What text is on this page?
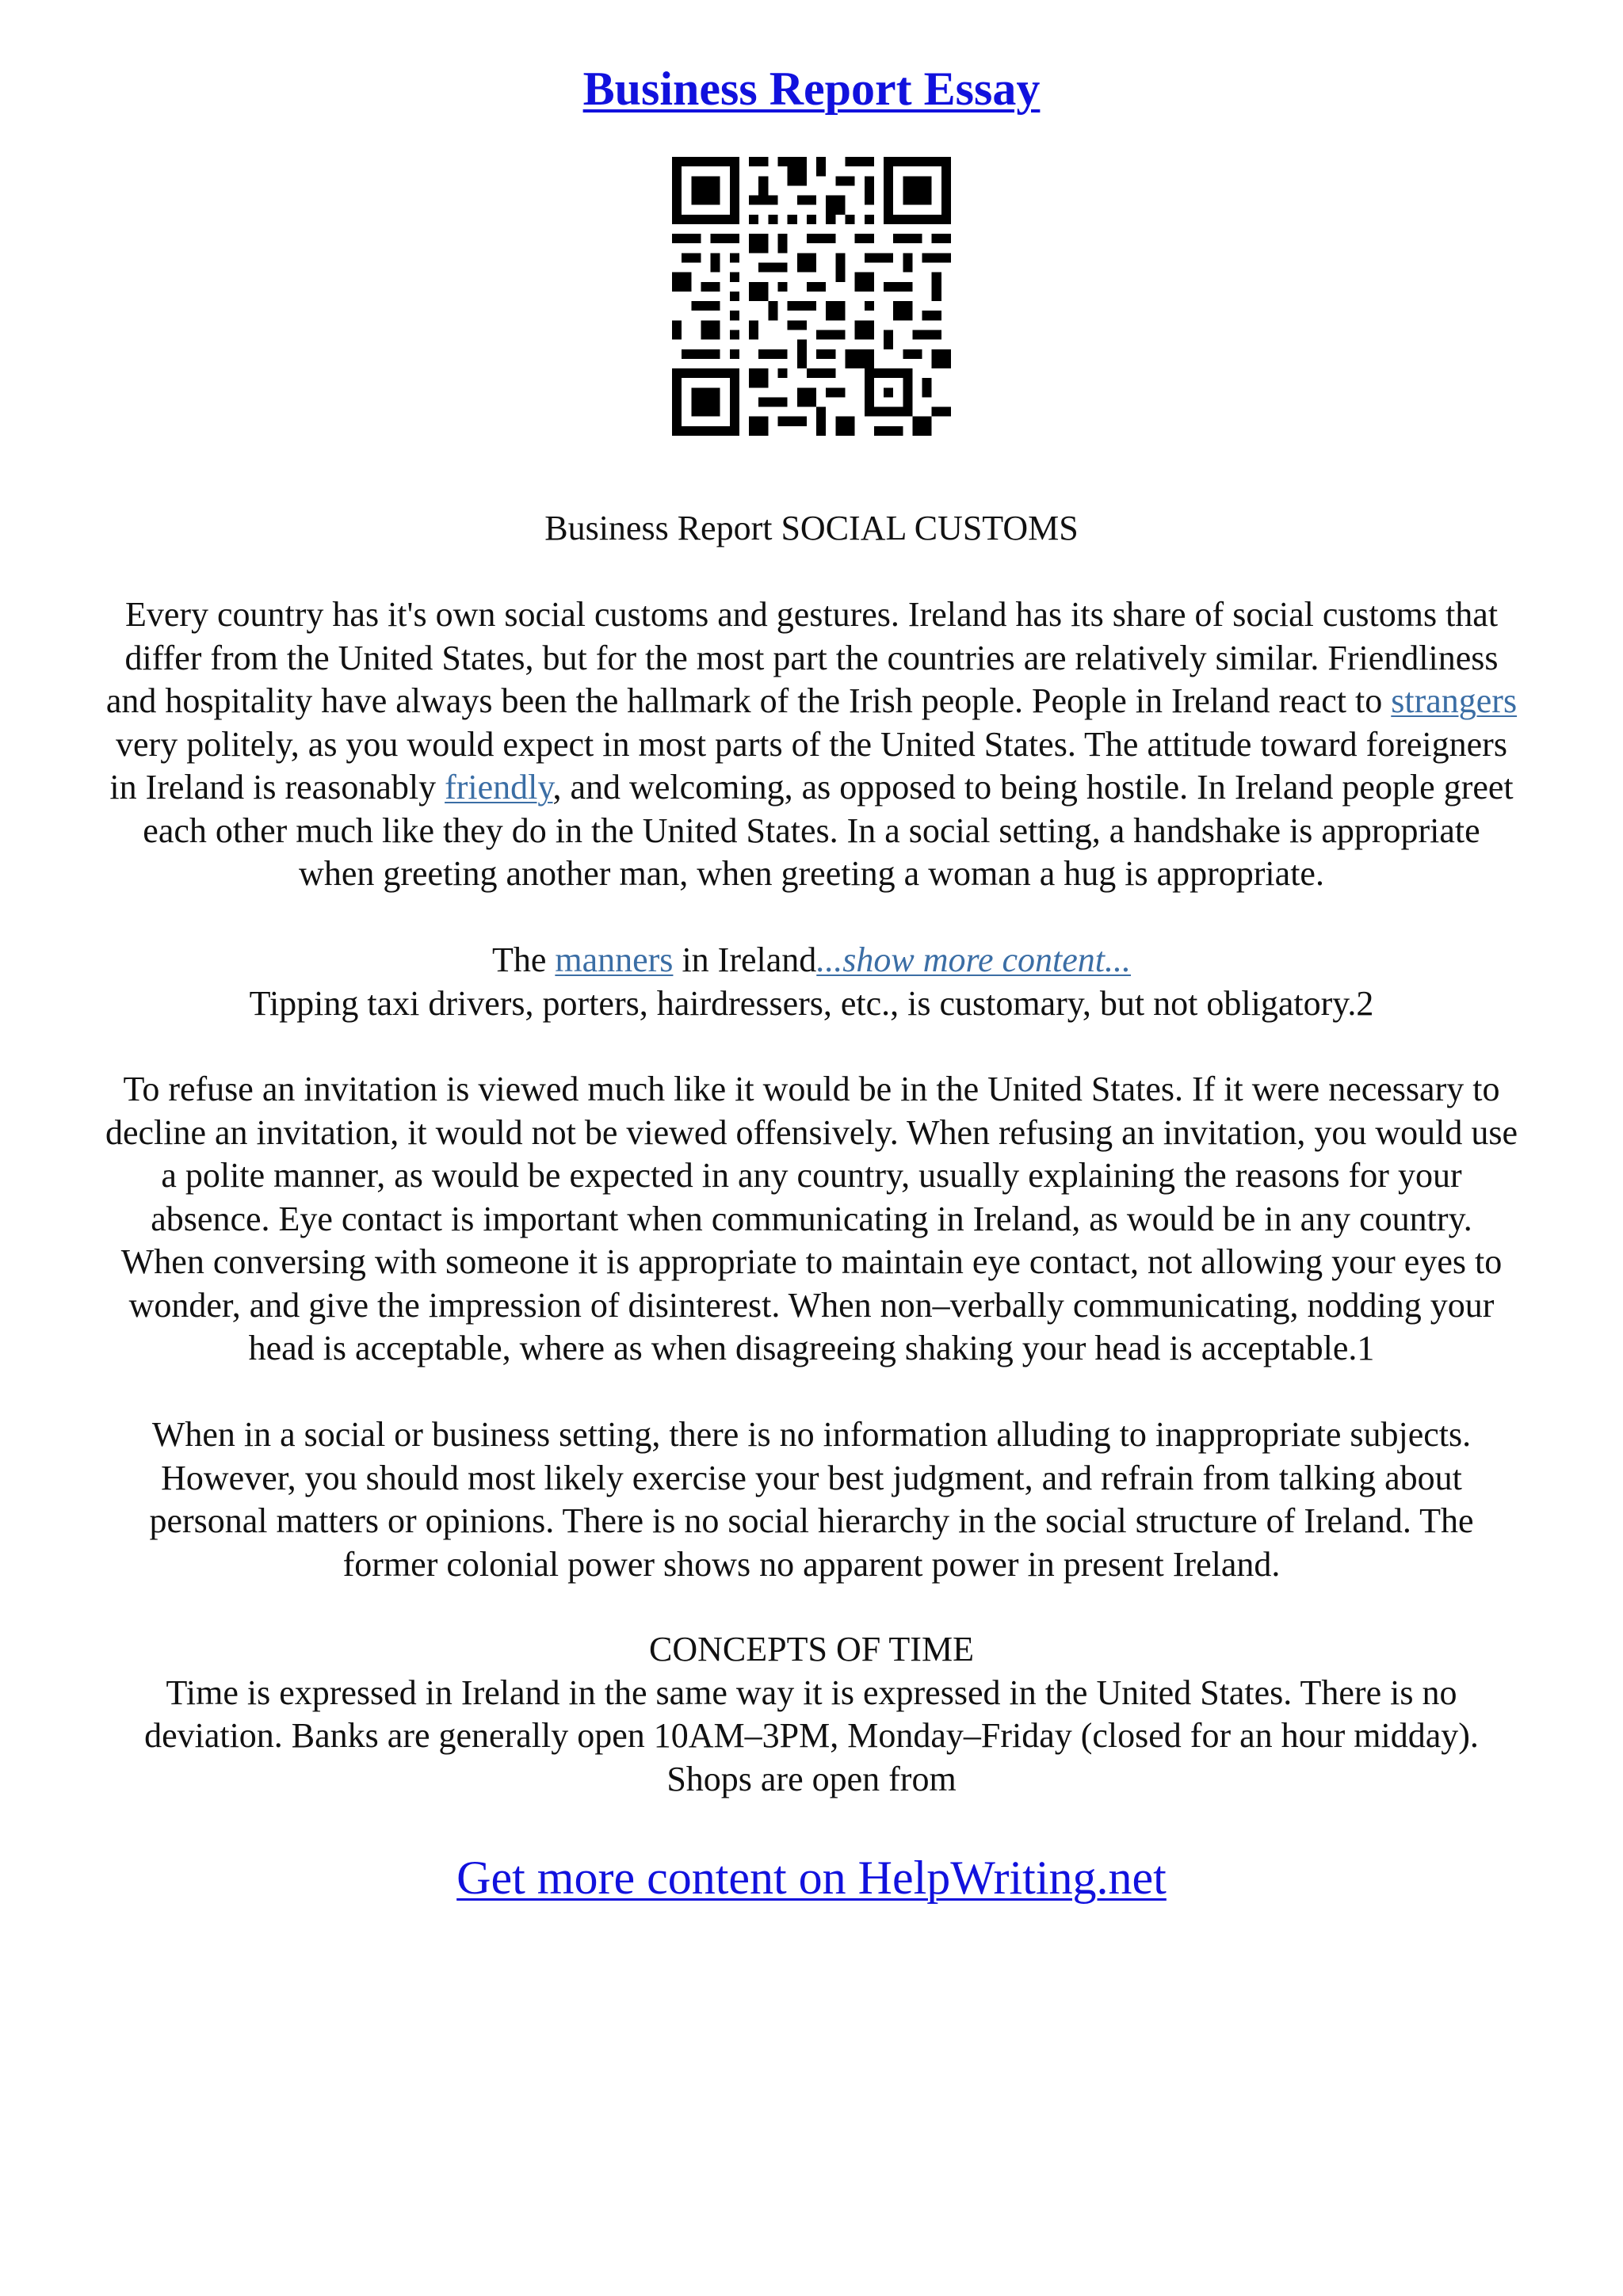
Business Report Essay

Business Report SOCIAL CUSTOMS

Every country has it's own social customs and gestures. Ireland has its share of social customs that
differ from the United States, but for the most part the countries are relatively similar. Friendliness
and hospitality have always been the hallmark of the Irish people. People in Ireland react to strangers
very politely, as you would expect in most parts of the United States. The attitude toward foreigners
in Ireland is reasonably friendly, and welcoming, as opposed to being hostile. In Ireland people greet
each other much like they do in the United States. In a social setting, a handshake is appropriate
when greeting another man, when greeting a woman a hug is appropriate.

The manners in Ireland...show more content...
Tipping taxi drivers, porters, hairdressers, etc., is customary, but not obligatory.2

To refuse an invitation is viewed much like it would be in the United States. If it were necessary to
decline an invitation, it would not be viewed offensively. When refusing an invitation, you would use
a polite manner, as would be expected in any country, usually explaining the reasons for your
absence. Eye contact is important when communicating in Ireland, as would be in any country.
When conversing with someone it is appropriate to maintain eye contact, not allowing your eyes to
wonder, and give the impression of disinterest. When non–verbally communicating, nodding your
head is acceptable, where as when disagreeing shaking your head is acceptable.1

When in a social or business setting, there is no information alluding to inappropriate subjects.
However, you should most likely exercise your best judgment, and refrain from talking about
personal matters or opinions. There is no social hierarchy in the social structure of Ireland. The
former colonial power shows no apparent power in present Ireland.

CONCEPTS OF TIME
Time is expressed in Ireland in the same way it is expressed in the United States. There is no
deviation. Banks are generally open 10AM–3PM, Monday–Friday (closed for an hour midday).
Shops are open from

Get more content on HelpWriting.net
